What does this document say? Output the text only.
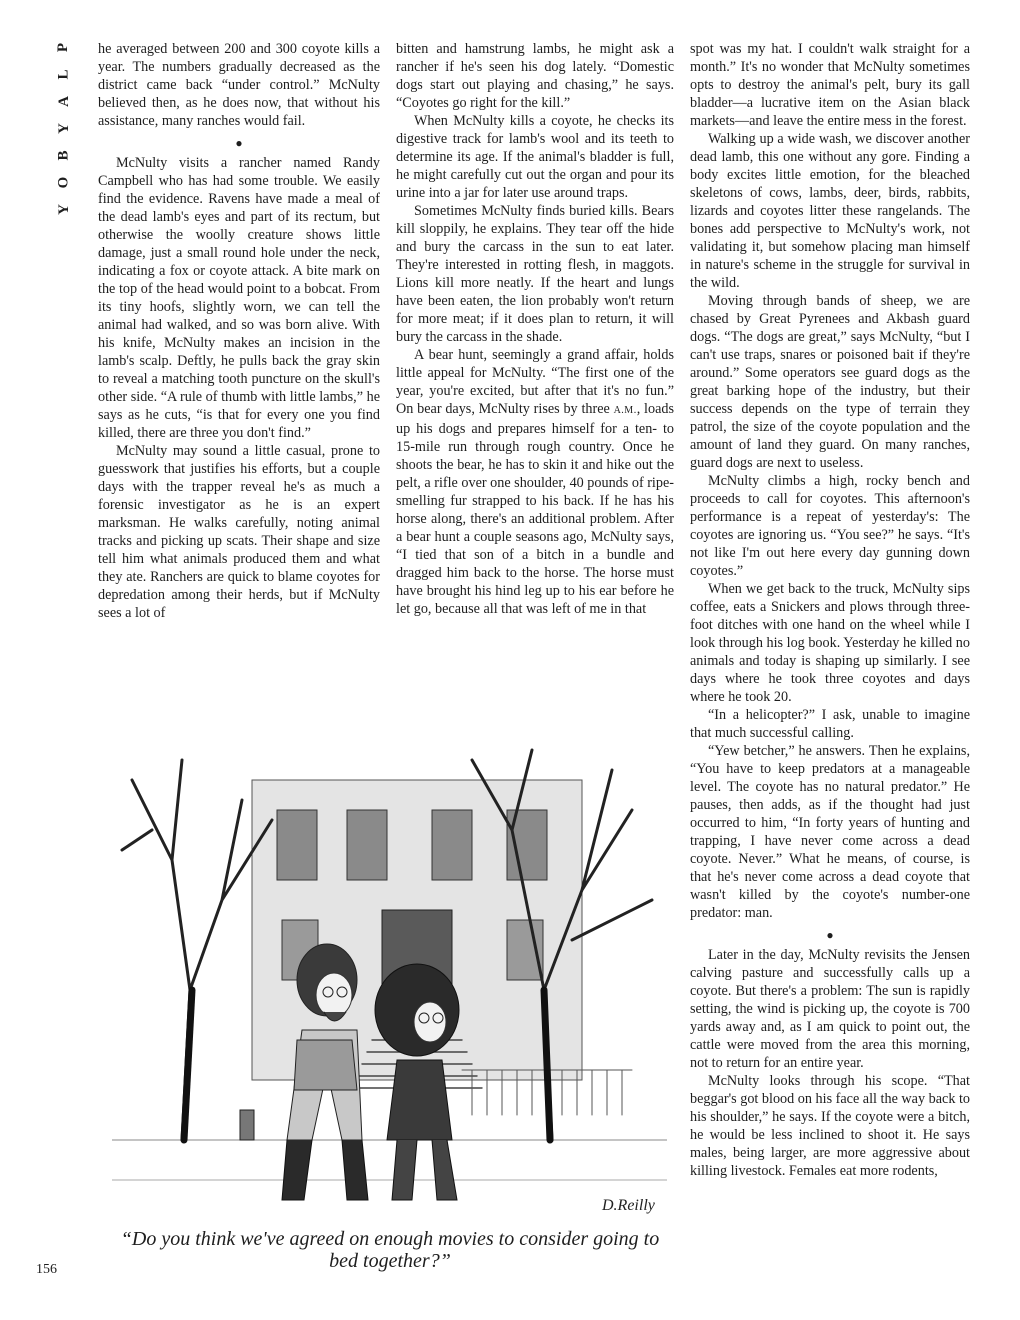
P
L
A
Y
B
O
Y

he averaged between 200 and 300 coyote kills a year. The numbers gradually decreased as the district came back “under control.” McNulty believed then, as he does now, that without his assistance, many ranches would fail.

●

McNulty visits a rancher named Randy Campbell who has had some trouble. We easily find the evidence. Ravens have made a meal of the dead lamb's eyes and part of its rectum, but otherwise the woolly creature shows little damage, just a small round hole under the neck, indicating a fox or coyote attack. A bite mark on the top of the head would point to a bobcat. From its tiny hoofs, slightly worn, we can tell the animal had walked, and so was born alive. With his knife, McNulty makes an incision in the lamb's scalp. Deftly, he pulls back the gray skin to reveal a matching tooth puncture on the skull's other side. “A rule of thumb with little lambs,” he says as he cuts, “is that for every one you find killed, there are three you don't find.”

McNulty may sound a little casual, prone to guesswork that justifies his efforts, but a couple days with the trapper reveal he's as much a forensic investigator as he is an expert marksman. He walks carefully, noting animal tracks and picking up scats. Their shape and size tell him what animals produced them and what they ate. Ranchers are quick to blame coyotes for depredation among their herds, but if McNulty sees a lot of

bitten and hamstrung lambs, he might ask a rancher if he's seen his dog lately. “Domestic dogs start out playing and chasing,” he says. “Coyotes go right for the kill.”

When McNulty kills a coyote, he checks its digestive track for lamb's wool and its teeth to determine its age. If the animal's bladder is full, he might carefully cut out the organ and pour its urine into a jar for later use around traps.

Sometimes McNulty finds buried kills. Bears kill sloppily, he explains. They tear off the hide and bury the carcass in the sun to eat later. They're interested in rotting flesh, in maggots. Lions kill more neatly. If the heart and lungs have been eaten, the lion probably won't return for more meat; if it does plan to return, it will bury the carcass in the shade.

A bear hunt, seemingly a grand affair, holds little appeal for McNulty. “The first one of the year, you're excited, but after that it's no fun.” On bear days, McNulty rises by three A.M., loads up his dogs and prepares himself for a ten- to 15-mile run through rough country. Once he shoots the bear, he has to skin it and hike out the pelt, a rifle over one shoulder, 40 pounds of ripe-smelling fur strapped to his back. If he has his horse along, there's an additional problem. After a bear hunt a couple seasons ago, McNulty says, “I tied that son of a bitch in a bundle and dragged him back to the horse. The horse must have brought his hind leg up to his ear before he let go, because all that was left of me in that

spot was my hat. I couldn't walk straight for a month.” It's no wonder that McNulty sometimes opts to destroy the animal's pelt, bury its gall bladder—a lucrative item on the Asian black markets—and leave the entire mess in the forest.

Walking up a wide wash, we discover another dead lamb, this one without any gore. Finding a body excites little emotion, for the bleached skeletons of cows, lambs, deer, birds, rabbits, lizards and coyotes litter these rangelands. The bones add perspective to McNulty's work, not validating it, but somehow placing man himself in nature's scheme in the struggle for survival in the wild.

Moving through bands of sheep, we are chased by Great Pyrenees and Akbash guard dogs. “The dogs are great,” says McNulty, “but I can't use traps, snares or poisoned bait if they're around.” Some operators see guard dogs as the great barking hope of the industry, but their success depends on the type of terrain they patrol, the size of the coyote population and the amount of land they guard. On many ranches, guard dogs are next to useless.

McNulty climbs a high, rocky bench and proceeds to call for coyotes. This afternoon's performance is a repeat of yesterday's: The coyotes are ignoring us. “You see?” he says. “It's not like I'm out here every day gunning down coyotes.”

When we get back to the truck, McNulty sips coffee, eats a Snickers and plows through three-foot ditches with one hand on the wheel while I look through his log book. Yesterday he killed no animals and today is shaping up similarly. I see days where he took three coyotes and days where he took 20.

“In a helicopter?” I ask, unable to imagine that much successful calling.

“Yew betcher,” he answers. Then he explains, “You have to keep predators at a manageable level. The coyote has no natural predator.” He pauses, then adds, as if the thought had just occurred to him, “In forty years of hunting and trapping, I have never come across a dead coyote. Never.” What he means, of course, is that he's never come across a dead coyote that wasn't killed by the coyote's number-one predator: man.

●

Later in the day, McNulty revisits the Jensen calving pasture and successfully calls up a coyote. But there's a problem: The sun is rapidly setting, the wind is picking up, the coyote is 700 yards away and, as I am quick to point out, the cattle were moved from the area this morning, not to return for an entire year.

McNulty looks through his scope. “That beggar's got blood on his face all the way back to his shoulder,” he says. If the coyote were a bitch, he would be less inclined to shoot it. He says males, being larger, are more aggressive about killing livestock. Females eat more rodents,

D.Reilly
“Do you think we've agreed on enough movies to consider going to bed together?”
156
